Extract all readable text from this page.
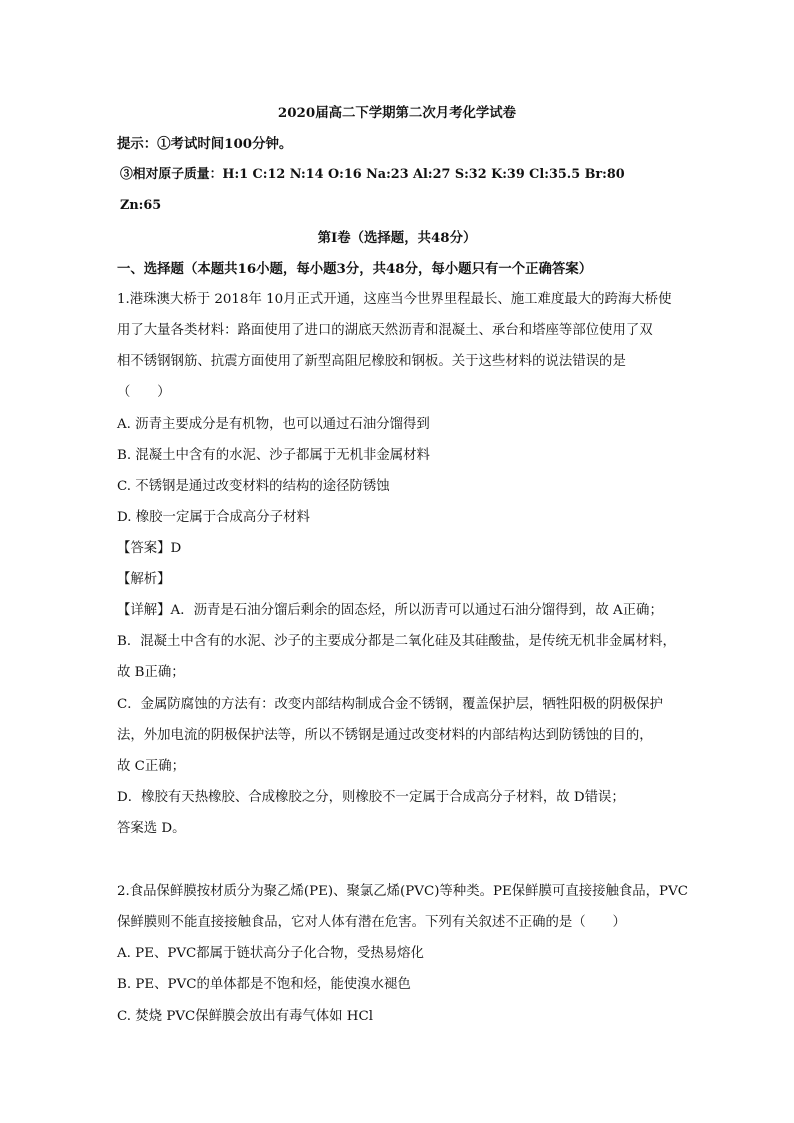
2020届高二下学期第二次月考化学试卷
提示：①考试时间100分钟。
③相对原子质量：H:1 C:12 N:14 O:16 Na:23 Al:27 S:32 K:39 Cl:35.5 Br:80
Zn:65
第Ⅰ卷（选择题，共48分）
一、选择题（本题共16小题，每小题3分，共48分，每小题只有一个正确答案）
1.港珠澳大桥于 2018年 10月正式开通，这座当今世界里程最长、施工难度最大的跨海大桥使
用了大量各类材料：路面使用了进口的湖底天然沥青和混凝土、承台和塔座等部位使用了双
相不锈钢钢筋、抗震方面使用了新型高阻尼橡胶和钢板。关于这些材料的说法错误的是
（　　）
A. 沥青主要成分是有机物，也可以通过石油分馏得到
B. 混凝土中含有的水泥、沙子都属于无机非金属材料
C. 不锈钢是通过改变材料的结构的途径防锈蚀
D. 橡胶一定属于合成高分子材料
【答案】D
【解析】
【详解】A．沥青是石油分馏后剩余的固态烃，所以沥青可以通过石油分馏得到，故 A正确；
B．混凝土中含有的水泥、沙子的主要成分都是二氧化硅及其硅酸盐，是传统无机非金属材料，
故 B正确；
C．金属防腐蚀的方法有：改变内部结构制成合金不锈钢，覆盖保护层，牺牲阳极的阴极保护
法，外加电流的阴极保护法等，所以不锈钢是通过改变材料的内部结构达到防锈蚀的目的，
故 C正确；
D．橡胶有天热橡胶、合成橡胶之分，则橡胶不一定属于合成高分子材料，故 D错误；
答案选 D。
2.食品保鲜膜按材质分为聚乙烯(PE)、聚氯乙烯(PVC)等种类。PE保鲜膜可直接接触食品，PVC
保鲜膜则不能直接接触食品，它对人体有潜在危害。下列有关叙述不正确的是（　　）
A. PE、PVC都属于链状高分子化合物，受热易熔化
B. PE、PVC的单体都是不饱和烃，能使溴水褪色
C. 焚烧 PVC保鲜膜会放出有毒气体如 HCl
